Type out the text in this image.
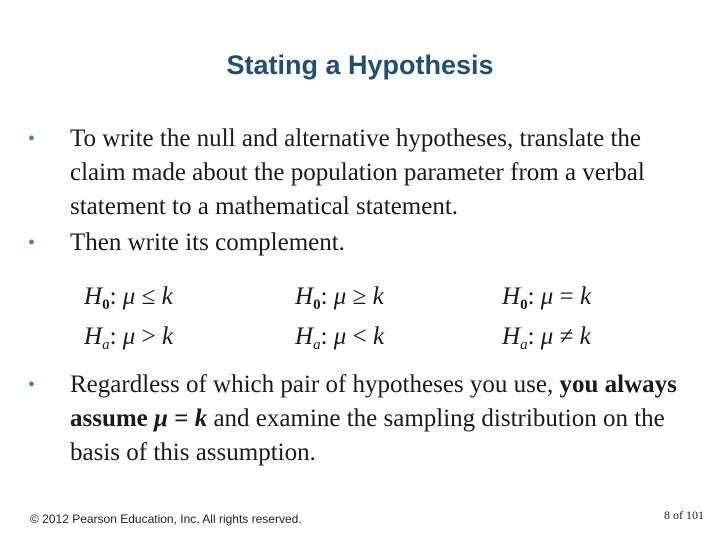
Stating a Hypothesis
• To write the null and alternative hypotheses, translate the claim made about the population parameter from a verbal statement to a mathematical statement.
• Then write its complement.
$H_0$: μ ≤ k
$H_a$: μ > k
$H_0$: μ ≥ k
$H_a$: μ < k
$H_0$: μ = k
$H_a$: μ ≠ k
• Regardless of which pair of hypotheses you use, you always assume μ = k and examine the sampling distribution on the basis of this assumption.
© 2012 Pearson Education, Inc. All rights reserved.	8 of 101
